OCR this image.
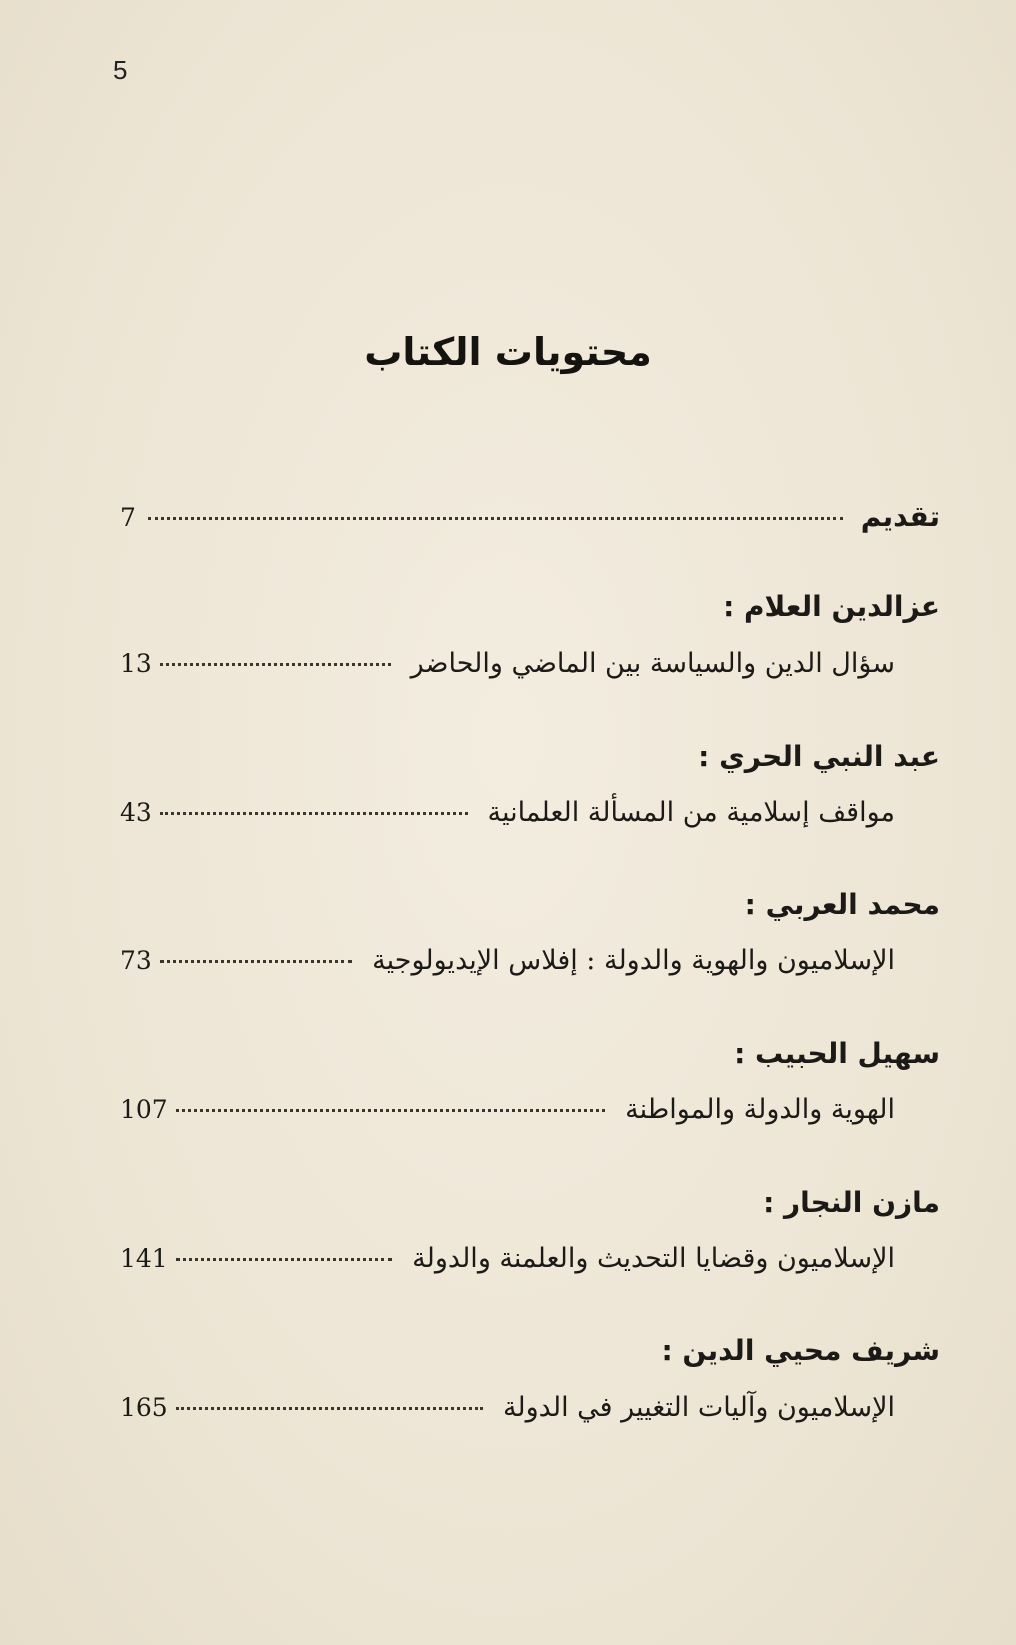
5
محتويات الكتاب
تقديم
7
عزالدين العلام :
سؤال الدين والسياسة بين الماضي والحاضر
13
عبد النبي الحري :
مواقف إسلامية من المسألة العلمانية
43
محمد العربي :
الإسلاميون والهوية والدولة : إفلاس الإيديولوجية
73
سهيل الحبيب :
الهوية والدولة والمواطنة
107
مازن النجار :
الإسلاميون وقضايا التحديث والعلمنة والدولة
141
شريف محيي الدين :
الإسلاميون وآليات التغيير في الدولة
165
